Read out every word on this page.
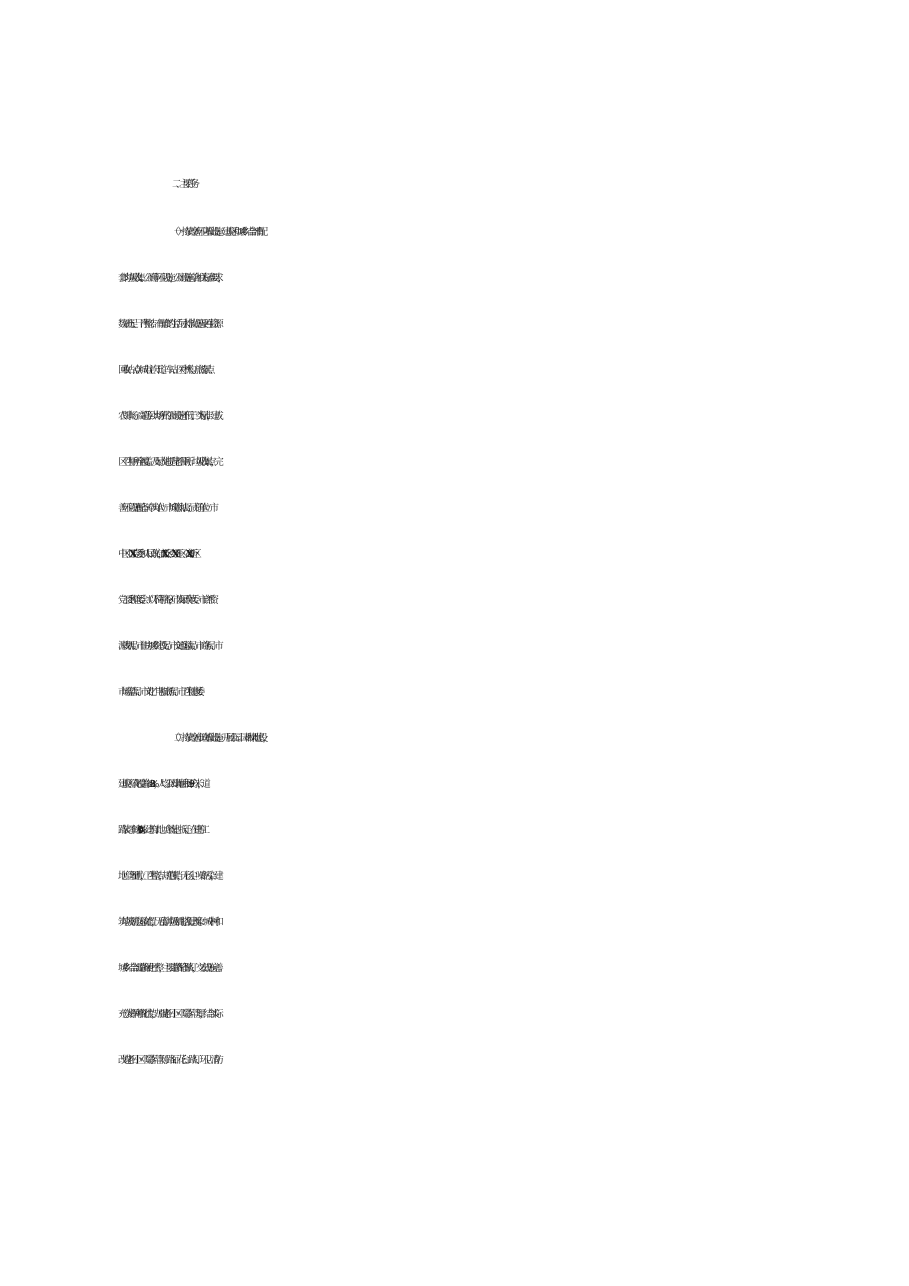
二、主要任务
（一）持续改善环卫基础设施。建成区和城乡结合部有配
套的垃圾收集、公厕等环卫设施，公厕设施符合相关标准要求，
数量充足、干净整洁；有配套的生活污水排放设施及再生资源
回收站（点）。城市主次干道、车站、医疗机构、旅游景点、
农贸市场、商超等公共场所的公厕设施不低于二类标准，建成
区卫生厕所全覆盖。及时改造提升老旧厕所、垃圾收集点，完
善环卫设施配备。〔牵头单位：市城管执法局；责任单位：市
中区、XX 区党委和人民政府，XX 新区、XX 经开区、XX 高新区
党工委和管委会（以下简称各区），市发展改革委、市自然资
源规划局、市住房城乡建设局、市交通运输局、市商务局、市
市场监管局、市文化广电和旅游局、市卫生健康委〕
（二）持续改善市政基础设施。开展公园、园林绿地建设，
建成区绿化覆盖率≥38%，人均公园绿地面积≥9 平方米，道
路装灯率达到 100%。建筑工地（含待建、拆迁、在建等工
地）管理到位，卫生整洁，规范围挡，无扬尘、噪音污染，建
筑垃圾规范运输处置，无乱倒垃圾和乱搭乱建现象。城中村和
城乡结合部道路硬化平整，主要道路配备路灯，交安设施完善。
充分发挥网格化优势，加强老旧小区（院落）管理，结合实际
改造老旧小区（院落）管网、路面、花台、路灯、环卫、消防
